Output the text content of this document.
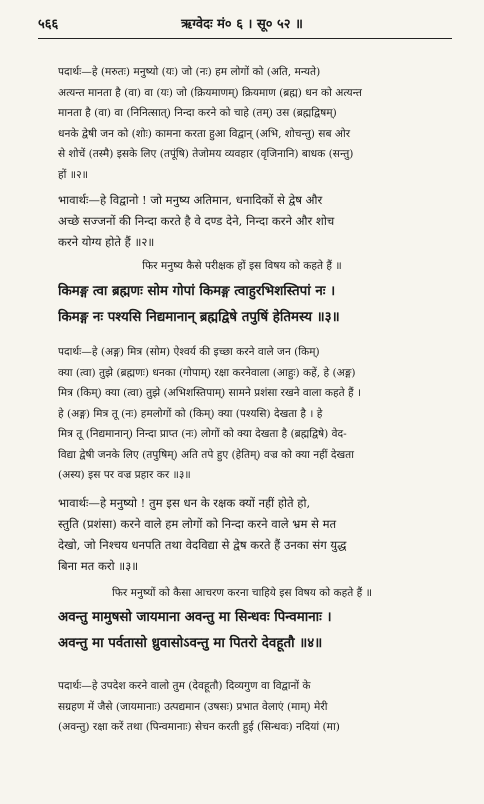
५६६	ऋग्वेदः मं० ६ । सू० ५२ ॥
पदार्थः—हे (मरुतः) मनुष्यो (यः) जो (नः) हम लोगों को (अति, मन्यते)
अत्यन्त मानता है (वा) वा (यः) जो (क्रियमाणम्) क्रियमाण (ब्रह्म) धन को अत्यन्त
मानता है (वा) वा (निनित्सात्) निन्दा करने को चाहे (तम्) उस (ब्रह्मद्विषम्)
धनके द्वेषी जन को (शोः) कामना करता हुआ विद्वान् (अभि, शोचन्तु) सब ओर
से शोचें (तस्मै) इसके लिए (तपूंषि) तेजोमय व्यवहार (वृजिनानि) बाधक (सन्तु)
हों ॥२॥
भावार्थः—हे विद्वानो ! जो मनुष्य अतिमान, धनादिकों से द्वेष और
अच्छे सज्जनों की निन्दा करते है वे दण्ड देने, निन्दा करने और शोच
करने योग्य होते हैं ॥२॥
फिर मनुष्य कैसे परीक्षक हों इस विषय को कहते हैं ॥
किमङ्ग त्वा ब्रह्मणः सोम गोपां किमङ्ग त्वाहुरभिशस्तिपां नः ।
किमङ्ग नः पश्यसि निद्यमानान् ब्रह्मद्विषे तपुषिं हेतिमस्य ॥३॥
पदार्थः—हे (अङ्ग) मित्र (सोम) ऐश्वर्य की इच्छा करने वाले जन (किम्)
क्या (त्वा) तुझे (ब्रह्मणः) धनका (गोपाम्) रक्षा करनेवाला (आहुः) कहें, हे (अङ्ग)
मित्र (किम्) क्या (त्वा) तुझे (अभिशस्तिपाम्) सामने प्रशंसा रखने वाला कहते हैं ।
हे (अङ्ग) मित्र तू (नः) हमलोगों को (किम्) क्या (पश्यसि) देखता है । हे
मित्र तू (निद्यमानान्) निन्दा प्राप्त (नः) लोगों को क्या देखता है (ब्रह्मद्विषे) वेद-
विद्या द्वेषी जनके लिए (तपुषिम्) अति तपे हुए (हेतिम्) वज्र को क्या नहीं देखता
(अस्य) इस पर वज्र प्रहार कर ॥३॥
भावार्थः—हे मनुष्यो ! तुम इस धन के रक्षक क्यों नहीं होते हो,
स्तुति (प्रशंसा) करने वाले हम लोगों को निन्दा करने वाले भ्रम से मत
देखो, जो निश्चय धनपति तथा वेदविद्या से द्वेष करते हैं उनका संग युद्ध
बिना मत करो ॥३॥
फिर मनुष्यों को कैसा आचरण करना चाहिये इस विषय को कहते हैं ॥
अवन्तु मामुषसो जायमाना अवन्तु मा सिन्धवः पिन्वमानाः ।
अवन्तु मा पर्वतासो ध्रुवासोऽवन्तु मा पितरो देवहूतौ ॥४॥
पदार्थः—हे उपदेश करने वालो तुम (देवहूतौ) दिव्यगुण वा विद्वानों के
सग्रहण में जैसे (जायमानाः) उत्पद्यमान (उषसः) प्रभात वेलाएं (माम्) मेरी
(अवन्तु) रक्षा करें तथा (पिन्वमानाः) सेचन करती हुई (सिन्धवः) नदियां (मा)
